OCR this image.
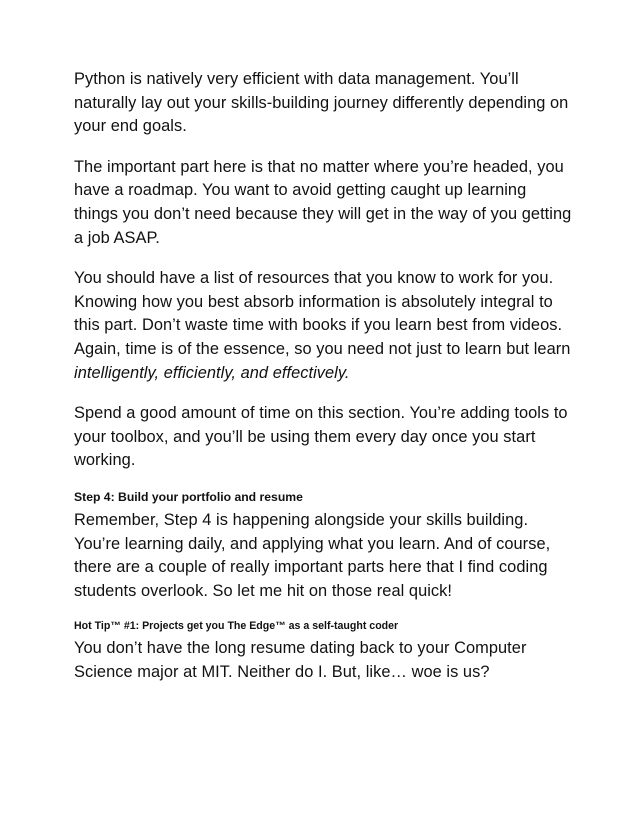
Python is natively very efficient with data management. You’ll naturally lay out your skills-building journey differently depending on your end goals.

The important part here is that no matter where you’re headed, you have a roadmap. You want to avoid getting caught up learning things you don’t need because they will get in the way of you getting a job ASAP.

You should have a list of resources that you know to work for you. Knowing how you best absorb information is absolutely integral to this part. Don’t waste time with books if you learn best from videos. Again, time is of the essence, so you need not just to learn but learn intelligently, efficiently, and effectively.

Spend a good amount of time on this section. You’re adding tools to your toolbox, and you’ll be using them every day once you start working.

Step 4: Build your portfolio and resume

Remember, Step 4 is happening alongside your skills building. You’re learning daily, and applying what you learn. And of course, there are a couple of really important parts here that I find coding students overlook. So let me hit on those real quick!

Hot Tip™ #1: Projects get you The Edge™ as a self-taught coder

You don’t have the long resume dating back to your Computer Science major at MIT. Neither do I. But, like… woe is us?
